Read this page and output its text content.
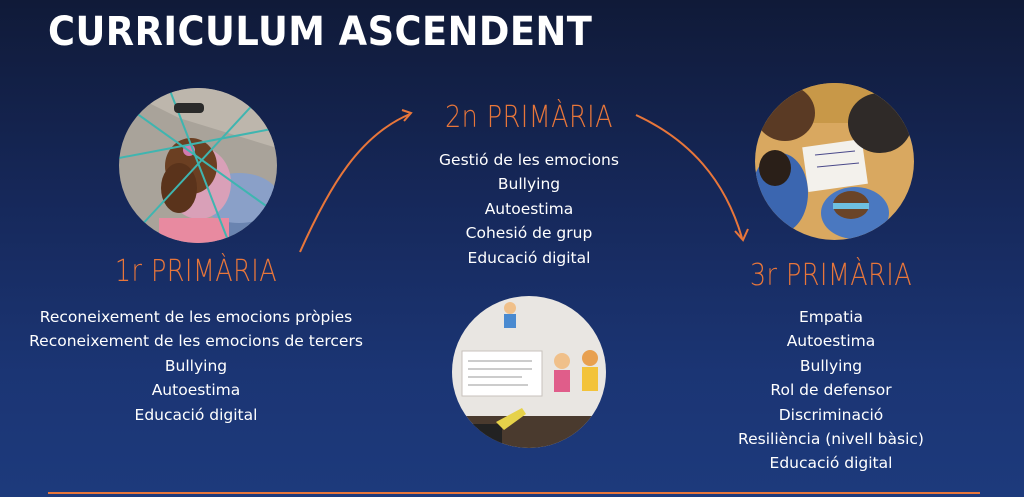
CURRICULUM ASCENDENT
1r PRIMÀRIA
Reconeixement de les emocions pròpies
Reconeixement de les emocions de tercers
Bullying
Autoestima
Educació digital
2n PRIMÀRIA
Gestió de les emocions
Bullying
Autoestima
Cohesió de grup
Educació digital
3r PRIMÀRIA
Empatia
Autoestima
Bullying
Rol de defensor
Discriminació
Resiliència (nivell bàsic)
Educació digital
